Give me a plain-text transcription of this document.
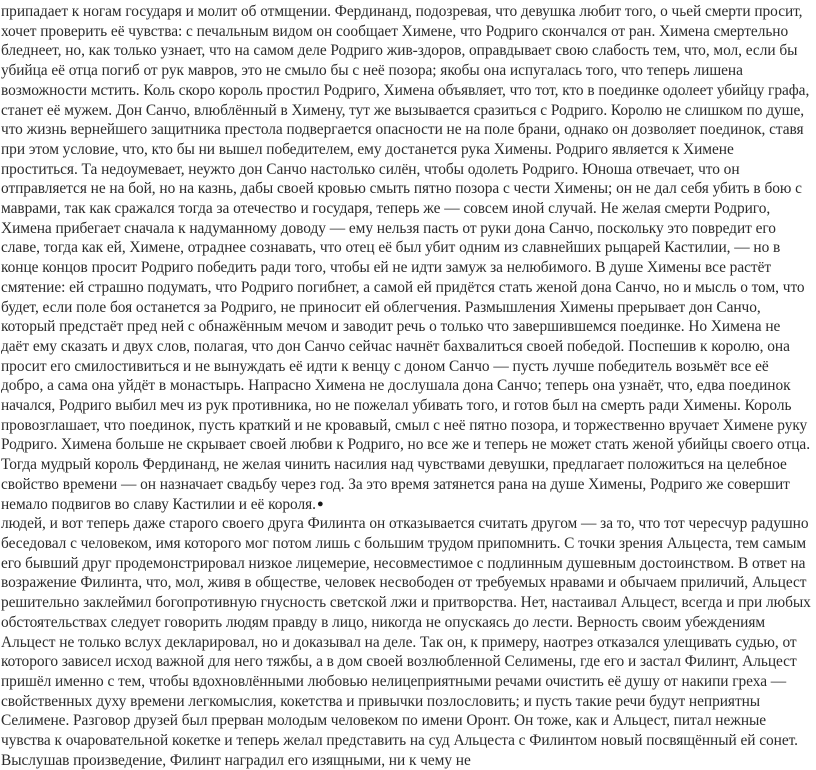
припадает к ногам государя и молит об отмщении. Фердинанд, подозревая, что девушка любит того, о чьей смерти просит, хочет проверить её чувства: с печальным видом он сообщает Химене, что Родриго скончался от ран. Химена смертельно бледнеет, но, как только узнает, что на самом деле Родриго жив-здоров, оправдывает свою слабость тем, что, мол, если бы убийца её отца погиб от рук мавров, это не смыло бы с неё позора; якобы она испугалась того, что теперь лишена возможности мстить. Коль скоро король простил Родриго, Химена объявляет, что тот, кто в поединке одолеет убийцу графа, станет её мужем. Дон Санчо, влюблённый в Химену, тут же вызывается сразиться с Родриго. Королю не слишком по душе, что жизнь вернейшего защитника престола подвергается опасности не на поле брани, однако он дозволяет поединок, ставя при этом условие, что, кто бы ни вышел победителем, ему достанется рука Химены. Родриго является к Химене проститься. Та недоумевает, неужто дон Санчо настолько силён, чтобы одолеть Родриго. Юноша отвечает, что он отправляется не на бой, но на казнь, дабы своей кровью смыть пятно позора с чести Химены; он не дал себя убить в бою с маврами, так как сражался тогда за отечество и государя, теперь же — совсем иной случай. Не желая смерти Родриго, Химена прибегает сначала к надуманному доводу — ему нельзя пасть от руки дона Санчо, поскольку это повредит его славе, тогда как ей, Химене, отраднее сознавать, что отец её был убит одним из славнейших рыцарей Кастилии, — но в конце концов просит Родриго победить ради того, чтобы ей не идти замуж за нелюбимого. В душе Химены все растёт смятение: ей страшно подумать, что Родриго погибнет, а самой ей придётся стать женой дона Санчо, но и мысль о том, что будет, если поле боя останется за Родриго, не приносит ей облегчения. Размышления Химены прерывает дон Санчо, который предстаёт пред ней с обнажённым мечом и заводит речь о только что завершившемся поединке. Но Химена не даёт ему сказать и двух слов, полагая, что дон Санчо сейчас начнёт бахвалиться своей победой. Поспешив к королю, она просит его смилостивиться и не вынуждать её идти к венцу с доном Санчо — пусть лучше победитель возьмёт все её добро, а сама она уйдёт в монастырь. Напрасно Химена не дослушала дона Санчо; теперь она узнаёт, что, едва поединок начался, Родриго выбил меч из рук противника, но не пожелал убивать того, и готов был на смерть ради Химены. Король провозглашает, что поединок, пусть краткий и не кровавый, смыл с неё пятно позора, и торжественно вручает Химене руку Родриго. Химена больше не скрывает своей любви к Родриго, но все же и теперь не может стать женой убийцы своего отца. Тогда мудрый король Фердинанд, не желая чинить насилия над чувствами девушки, предлагает положиться на целебное свойство времени — он назначает свадьбу через год. За это время затянется рана на душе Химены, Родриго же совершит немало подвигов во славу Кастилии и её короля.●

людей, и вот теперь даже старого своего друга Филинта он отказывается считать другом — за то, что тот чересчур радушно беседовал с человеком, имя которого мог потом лишь с большим трудом припомнить. С точки зрения Альцеста, тем самым его бывший друг продемонстрировал низкое лицемерие, несовместимое с подлинным душевным достоинством. В ответ на возражение Филинта, что, мол, живя в обществе, человек несвободен от требуемых нравами и обычаем приличий, Альцест решительно заклеймил богопротивную гнусность светской лжи и притворства. Нет, настаивал Альцест, всегда и при любых обстоятельствах следует говорить людям правду в лицо, никогда не опускаясь до лести. Верность своим убеждениям Альцест не только вслух декларировал, но и доказывал на деле. Так он, к примеру, наотрез отказался улещивать судью, от которого зависел исход важной для него тяжбы, а в дом своей возлюбленной Селимены, где его и застал Филинт, Альцест пришёл именно с тем, чтобы вдохновлёнными любовью нелицеприятными речами очистить её душу от накипи греха — свойственных духу времени легкомыслия, кокетства и привычки позлословить; и пусть такие речи будут неприятны Селимене. Разговор друзей был прерван молодым человеком по имени Оронт. Он тоже, как и Альцест, питал нежные чувства к очаровательной кокетке и теперь желал представить на суд Альцеста с Филинтом новый посвящённый ей сонет. Выслушав произведение, Филинт наградил его изящными, ни к чему не
